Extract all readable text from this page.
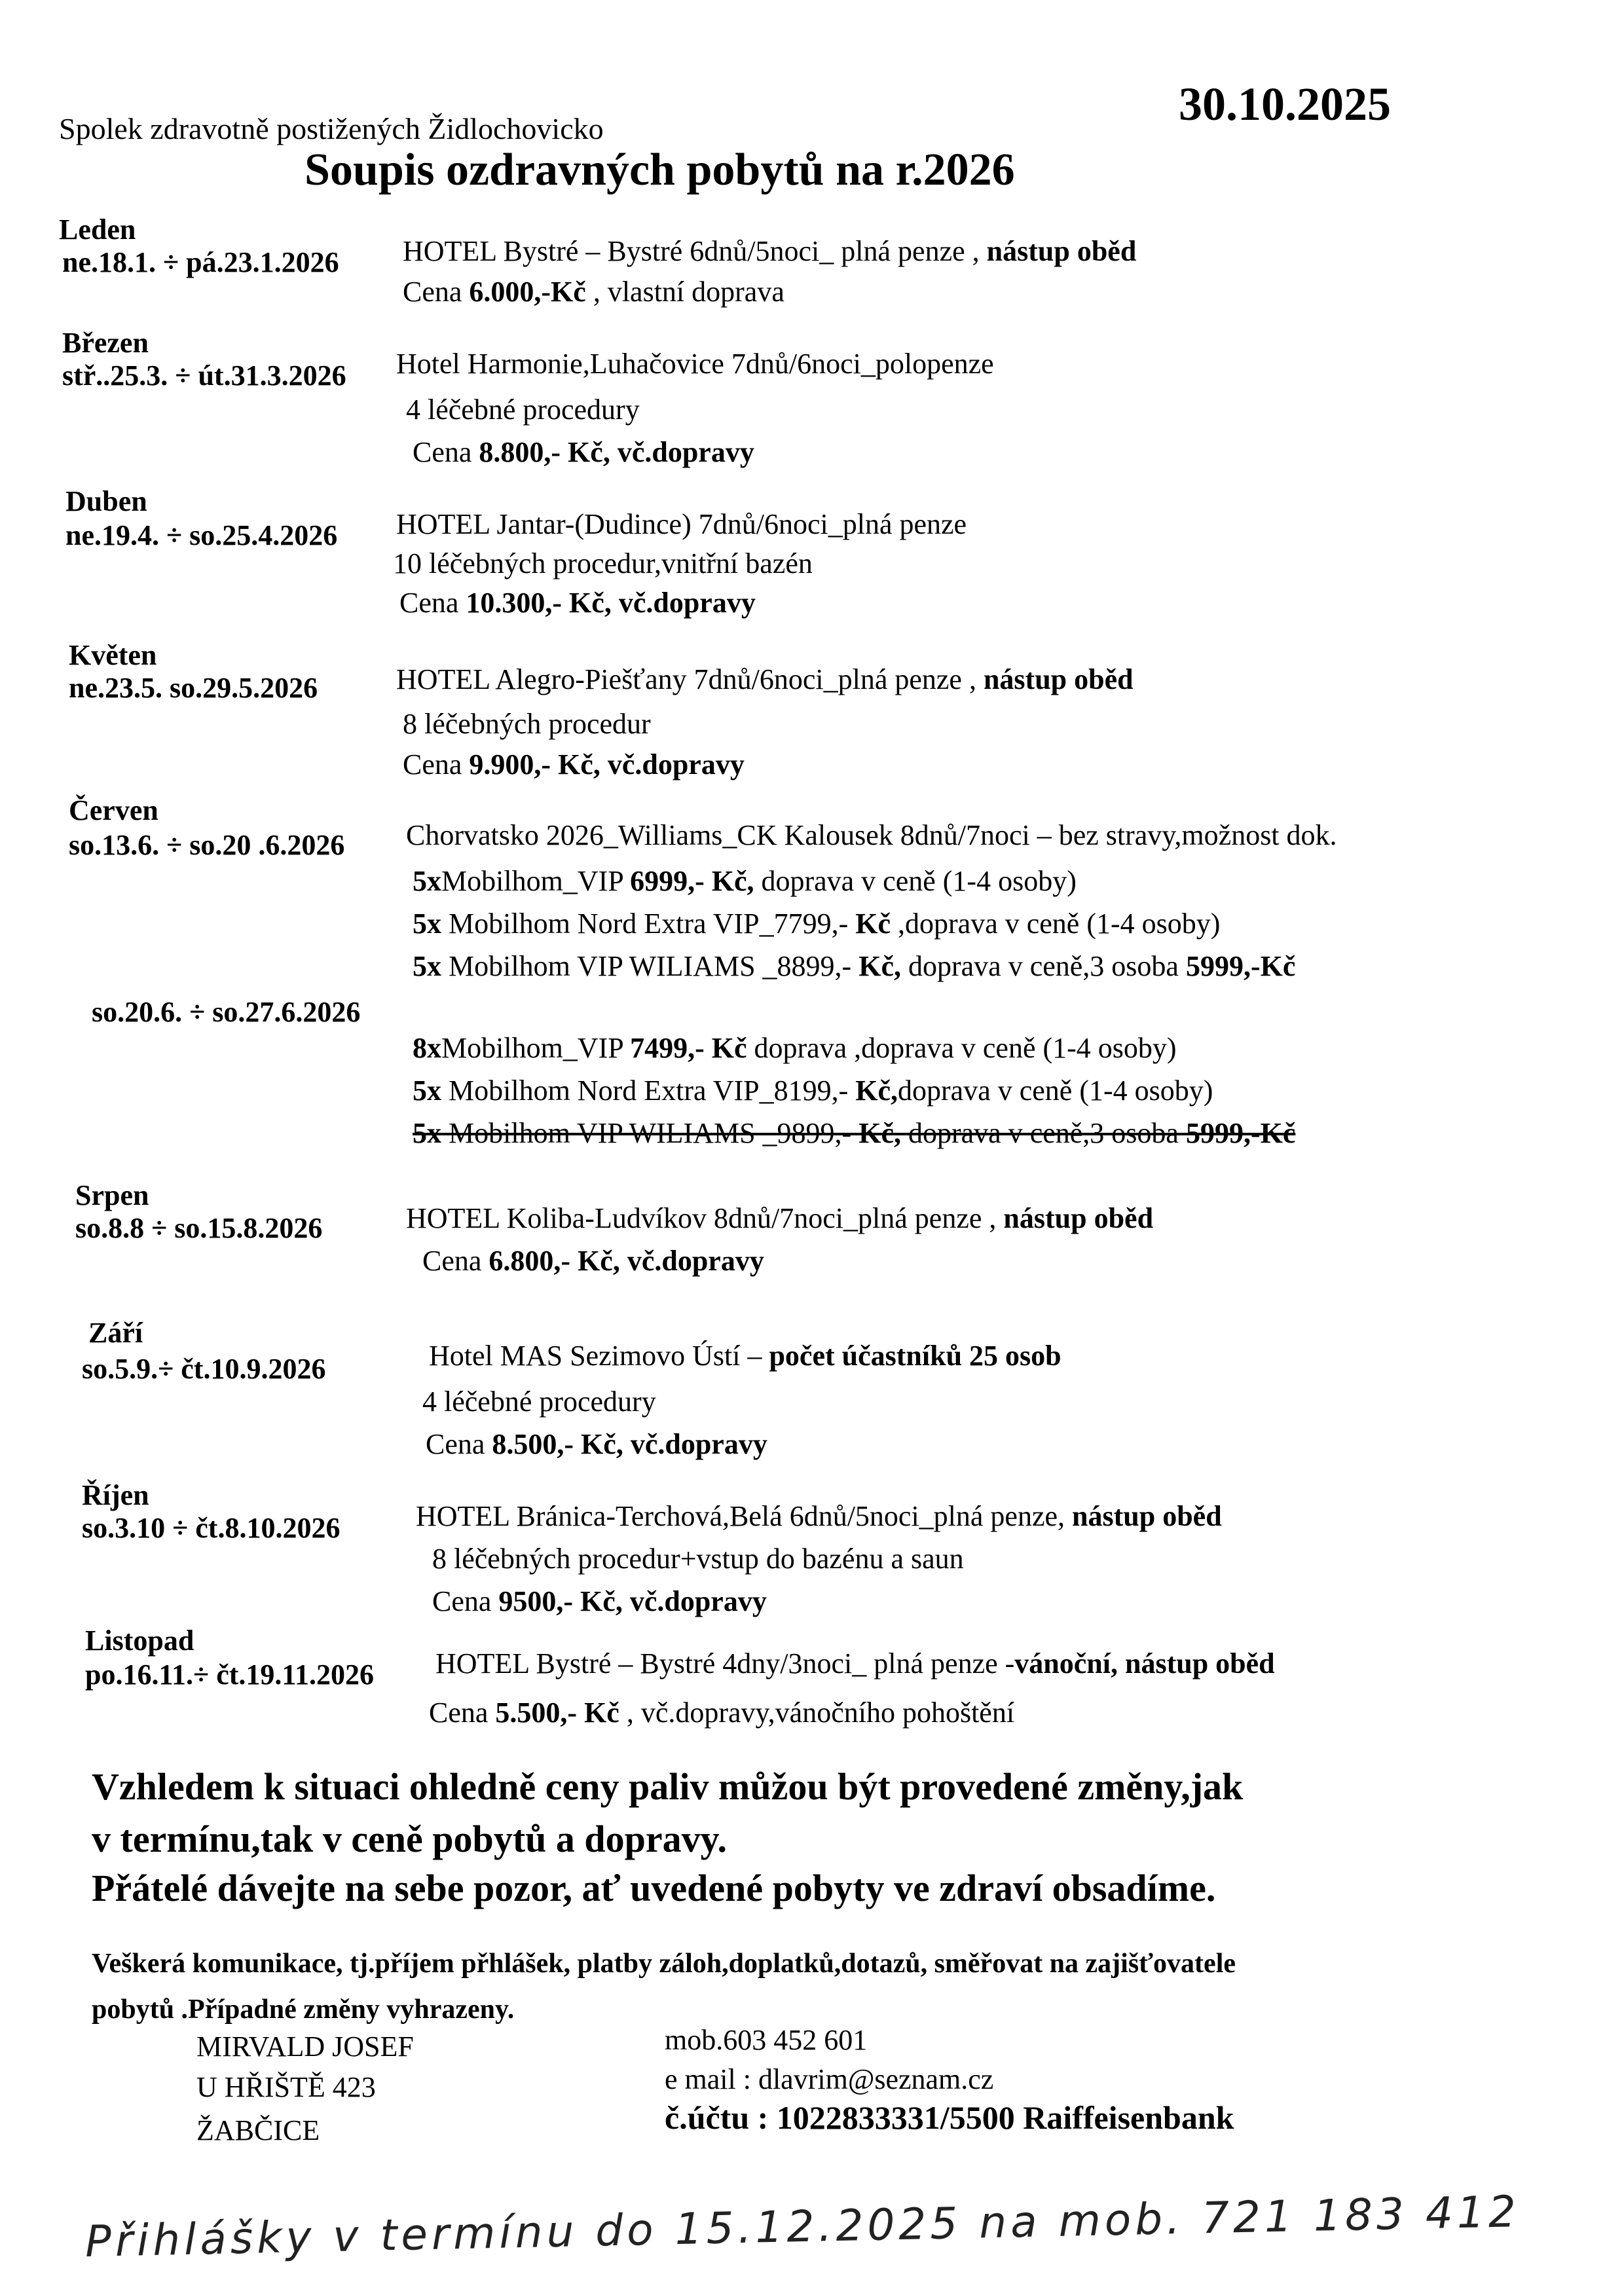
Spolek zdravotně postižených Židlochovicko	30.10.2025
Soupis ozdravných pobytů na r.2026
Leden
ne.18.1. ÷ pá.23.1.2026 HOTEL Bystré – Bystré 6dnů/5noci_ plná penze , nástup oběd
Cena 6.000,-Kč , vlastní doprava
Březen
stř..25.3. ÷ út.31.3.2026 Hotel Harmonie,Luhačovice 7dnů/6noci_polopenze
4 léčebné procedury
Cena 8.800,- Kč, vč.dopravy
Duben
ne.19.4. ÷ so.25.4.2026 HOTEL Jantar-(Dudince) 7dnů/6noci_plná penze
10 léčebných procedur,vnitřní bazén
Cena 10.300,- Kč, vč.dopravy
Květen
ne.23.5. so.29.5.2026	HOTEL Alegro-Piešťany 7dnů/6noci_plná penze , nástup oběd
8 léčebných procedur
Cena 9.900,- Kč, vč.dopravy
Červen
so.13.6. ÷ so.20 .6.2026 Chorvatsko 2026_Williams_CK Kalousek 8dnů/7noci – bez stravy,možnost dok.
5xMobilhom_VIP 6999,- Kč, doprava v ceně (1-4 osoby)
5x Mobilhom Nord Extra VIP_7799,- Kč ,doprava v ceně (1-4 osoby)
5x Mobilhom VIP WILIAMS _8899,- Kč, doprava v ceně,3 osoba 5999,-Kč
so.20.6. ÷ so.27.6.2026
8xMobilhom_VIP 7499,- Kč doprava ,doprava v ceně (1-4 osoby)
5x Mobilhom Nord Extra VIP_8199,- Kč,doprava v ceně (1-4 osoby)
5x Mobilhom VIP WILIAMS _9899,- Kč, doprava v ceně,3 osoba 5999,-Kč
Srpen
so.8.8 ÷ so.15.8.2026	HOTEL Koliba-Ludvíkov 8dnů/7noci_plná penze , nástup oběd
Cena 6.800,- Kč, vč.dopravy
Září
so.5.9.÷ čt.10.9.2026	Hotel MAS Sezimovo Ústí – počet účastníků 25 osob
4 léčebné procedury
Cena 8.500,- Kč, vč.dopravy
Říjen
so.3.10 ÷ čt.8.10.2026	HOTEL Bránica-Terchová,Belá 6dnů/5noci_plná penze, nástup oběd
8 léčebných procedur+vstup do bazénu a saun
Cena 9500,- Kč, vč.dopravy
Listopad
po.16.11.÷ čt.19.11.2026 HOTEL Bystré – Bystré 4dny/3noci_ plná penze -vánoční, nástup oběd
Cena 5.500,- Kč , vč.dopravy,vánočního pohoštění
Vzhledem k situaci ohledně ceny paliv můžou být provedené změny,jak
v termínu,tak v ceně pobytů a dopravy.
Přátelé dávejte na sebe pozor, ať uvedené pobyty ve zdraví obsadíme.
Veškerá komunikace, tj.příjem přhlášek, platby záloh,doplatků,dotazů, směřovat na zajišťovatele
pobytů .Případné změny vyhrazeny.
MIRVALD JOSEF
U HŘIŠTĚ 423
ŽABČICE
mob.603 452 601
e mail : dlavrim@seznam.cz
č.účtu : 1022833331/5500 Raiffeisenbank
Přihlášky v termínu do 15.12.2025 na mob. 721 183 412
